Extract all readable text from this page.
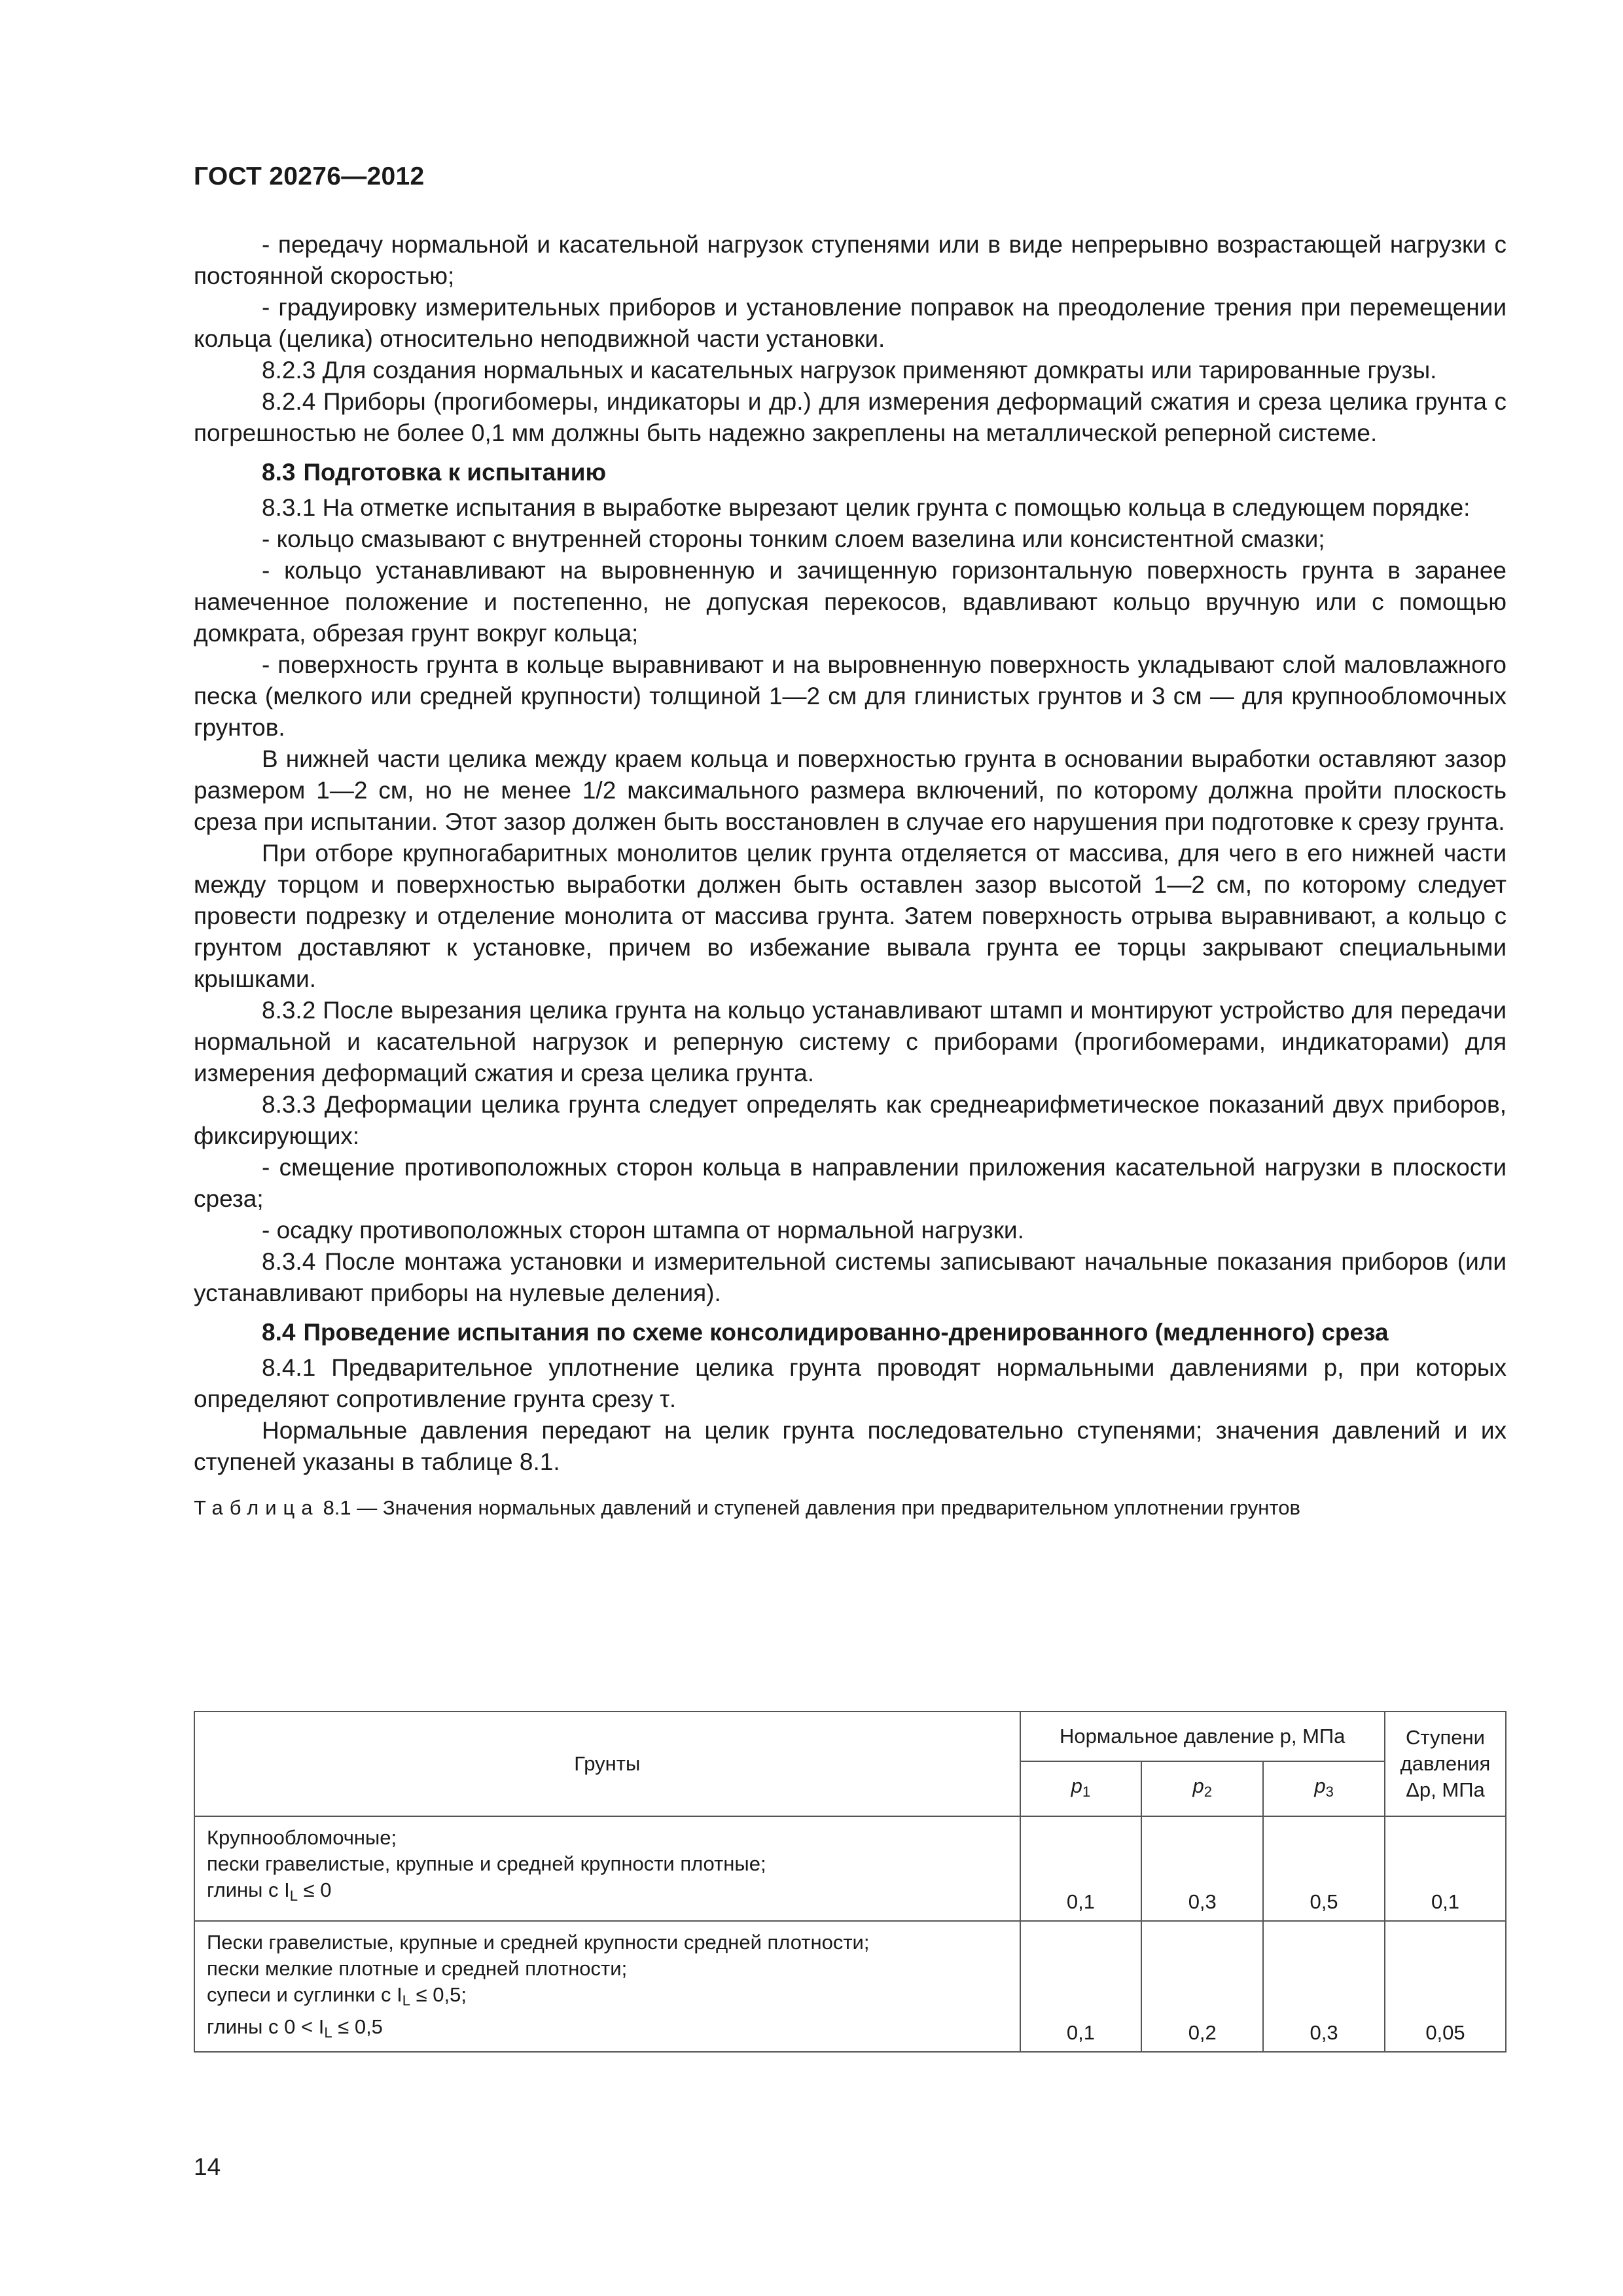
ГОСТ 20276—2012

- передачу нормальной и касательной нагрузок ступенями или в виде непрерывно возрастающей нагрузки с постоянной скоростью;

- градуировку измерительных приборов и установление поправок на преодоление трения при перемещении кольца (целика) относительно неподвижной части установки.

8.2.3 Для создания нормальных и касательных нагрузок применяют домкраты или тарированные грузы.

8.2.4 Приборы (прогибомеры, индикаторы и др.) для измерения деформаций сжатия и среза целика грунта с погрешностью не более 0,1 мм должны быть надежно закреплены на металлической реперной системе.

8.3 Подготовка к испытанию

8.3.1 На отметке испытания в выработке вырезают целик грунта с помощью кольца в следующем порядке:

- кольцо смазывают с внутренней стороны тонким слоем вазелина или консистентной смазки;

- кольцо устанавливают на выровненную и зачищенную горизонтальную поверхность грунта в заранее намеченное положение и постепенно, не допуская перекосов, вдавливают кольцо вручную или с помощью домкрата, обрезая грунт вокруг кольца;

- поверхность грунта в кольце выравнивают и на выровненную поверхность укладывают слой маловлажного песка (мелкого или средней крупности) толщиной 1—2 см для глинистых грунтов и 3 см — для крупнообломочных грунтов.

В нижней части целика между краем кольца и поверхностью грунта в основании выработки оставляют зазор размером 1—2 см, но не менее 1/2 максимального размера включений, по которому должна пройти плоскость среза при испытании. Этот зазор должен быть восстановлен в случае его нарушения при подготовке к срезу грунта.

При отборе крупногабаритных монолитов целик грунта отделяется от массива, для чего в его нижней части между торцом и поверхностью выработки должен быть оставлен зазор высотой 1—2 см, по которому следует провести подрезку и отделение монолита от массива грунта. Затем поверхность отрыва выравнивают, а кольцо с грунтом доставляют к установке, причем во избежание вывала грунта ее торцы закрывают специальными крышками.

8.3.2 После вырезания целика грунта на кольцо устанавливают штамп и монтируют устройство для передачи нормальной и касательной нагрузок и реперную систему с приборами (прогибомерами, индикаторами) для измерения деформаций сжатия и среза целика грунта.

8.3.3 Деформации целика грунта следует определять как среднеарифметическое показаний двух приборов, фиксирующих:

- смещение противоположных сторон кольца в направлении приложения касательной нагрузки в плоскости среза;

- осадку противоположных сторон штампа от нормальной нагрузки.

8.3.4 После монтажа установки и измерительной системы записывают начальные показания приборов (или устанавливают приборы на нулевые деления).

8.4 Проведение испытания по схеме консолидированно-дренированного (медленного) среза

8.4.1 Предварительное уплотнение целика грунта проводят нормальными давлениями p, при которых определяют сопротивление грунта срезу τ.

Нормальные давления передают на целик грунта последовательно ступенями; значения давлений и их ступеней указаны в таблице 8.1.

Таблица 8.1 — Значения нормальных давлений и ступеней давления при предварительном уплотнении грунтов
Грунты	Нормальное давление p, МПа			Ступени давления Δp, МПа
	$p_1$	$p_2$	$p_3$
Крупнообломочные;
пески гравелистые, крупные и средней крупности плотные;
глины с $I_L \le 0$	0,1	0,3	0,5	0,1
Пески гравелистые, крупные и средней крупности средней плотности;
пески мелкие плотные и средней плотности;
супеси и суглинки с $I_L \le 0,5$;
глины с $0 < I_L \le 0,5$	0,1	0,2	0,3	0,05
14
